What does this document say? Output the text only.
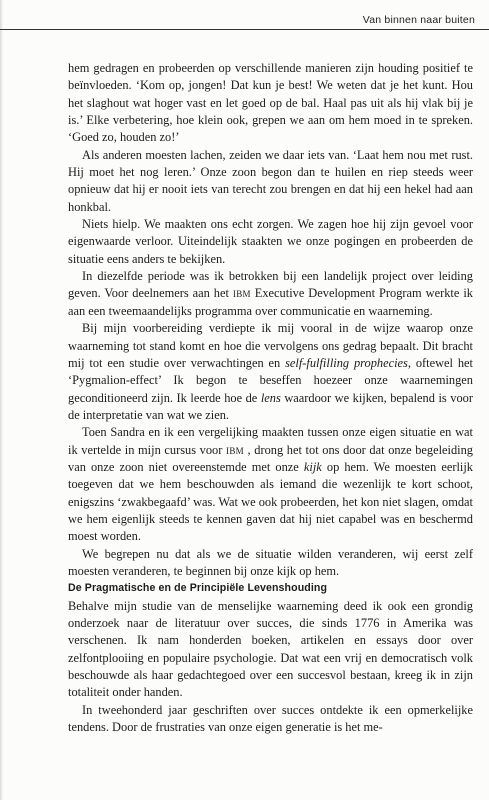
Van binnen naar buiten

hem gedragen en probeerden op verschillende manieren zijn houding positief te beïnvloeden. ‘Kom op, jongen! Dat kun je best! We weten dat je het kunt. Hou het slaghout wat hoger vast en let goed op de bal. Haal pas uit als hij vlak bij je is.’ Elke verbetering, hoe klein ook, grepen we aan om hem moed in te spreken. ‘Goed zo, houden zo!’

Als anderen moesten lachen, zeiden we daar iets van. ‘Laat hem nou met rust. Hij moet het nog leren.’ Onze zoon begon dan te huilen en riep steeds weer opnieuw dat hij er nooit iets van terecht zou brengen en dat hij een hekel had aan honkbal.

Niets hielp. We maakten ons echt zorgen. We zagen hoe hij zijn gevoel voor eigenwaarde verloor. Uiteindelijk staakten we onze pogingen en probeerden de situatie eens anders te bekijken.

In diezelfde periode was ik betrokken bij een landelijk project over leiding geven. Voor deelnemers aan het ibm Executive Development Program werkte ik aan een tweemaandelijks programma over communicatie en waarneming.

Bij mijn voorbereiding verdiepte ik mij vooral in de wijze waarop onze waarneming tot stand komt en hoe die vervolgens ons gedrag bepaalt. Dit bracht mij tot een studie over verwachtingen en self-fulfilling prophecies, oftewel het ‘Pygmalion-effect’ Ik begon te beseffen hoezeer onze waarnemingen geconditioneerd zijn. Ik leerde hoe de lens waardoor we kijken, bepalend is voor de interpretatie van wat we zien.

Toen Sandra en ik een vergelijking maakten tussen onze eigen situatie en wat ik vertelde in mijn cursus voor ibm , drong het tot ons door dat onze begeleiding van onze zoon niet overeenstemde met onze kijk op hem. We moesten eerlijk toegeven dat we hem beschouwden als iemand die wezenlijk te kort schoot, enigszins ‘zwakbegaafd’ was. Wat we ook probeerden, het kon niet slagen, omdat we hem eigenlijk steeds te kennen gaven dat hij niet capabel was en beschermd moest worden.

We begrepen nu dat als we de situatie wilden veranderen, wij eerst zelf moesten veranderen, te beginnen bij onze kijk op hem.

De Pragmatische en de Principiële Levenshouding

Behalve mijn studie van de menselijke waarneming deed ik ook een grondig onderzoek naar de literatuur over succes, die sinds 1776 in Amerika was verschenen. Ik nam honderden boeken, artikelen en essays door over zelfontplooiing en populaire psychologie. Dat wat een vrij en democratisch volk beschouwde als haar gedachtegoed over een succesvol bestaan, kreeg ik in zijn totaliteit onder handen.

In tweehonderd jaar geschriften over succes ontdekte ik een opmerkelijke tendens. Door de frustraties van onze eigen generatie is het me-
